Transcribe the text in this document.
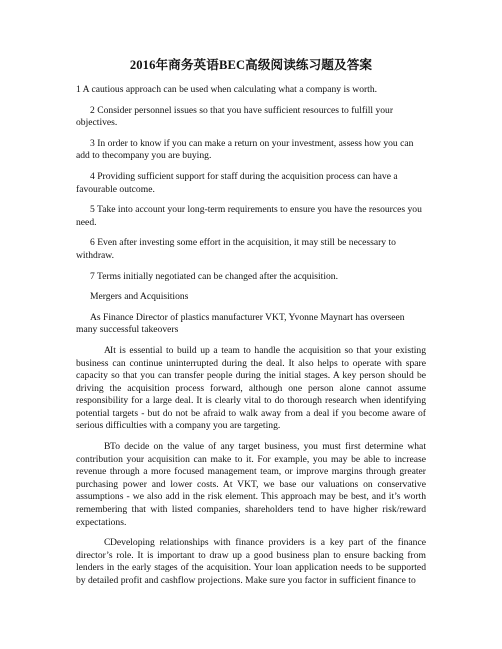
2016年商务英语BEC高级阅读练习题及答案

1 A cautious approach can be used when calculating what a company is worth.

2 Consider personnel issues so that you have sufficient resources to fulfill your objectives.

3 In order to know if you can make a return on your investment, assess how you can add to thecompany you are buying.

4 Providing sufficient support for staff during the acquisition process can have a favourable outcome.

5 Take into account your long-term requirements to ensure you have the resources you need.

6 Even after investing some effort in the acquisition, it may still be necessary to withdraw.

7 Terms initially negotiated can be changed after the acquisition.

Mergers and Acquisitions

As Finance Director of plastics manufacturer VKT, Yvonne Maynart has overseen many successful takeovers

AIt is essential to build up a team to handle the acquisition so that your existing business can continue uninterrupted during the deal. It also helps to operate with spare capacity so that you can transfer people during the initial stages. A key person should be driving the acquisition process forward, although one person alone cannot assume responsibility for a large deal. It is clearly vital to do thorough research when identifying potential targets - but do not be afraid to walk away from a deal if you become aware of serious difficulties with a company you are targeting.

BTo decide on the value of any target business, you must first determine what contribution your acquisition can make to it. For example, you may be able to increase revenue through a more focused management team, or improve margins through greater purchasing power and lower costs. At VKT, we base our valuations on conservative assumptions - we also add in the risk element. This approach may be best, and it’s worth remembering that with listed companies, shareholders tend to have higher risk/reward expectations.

CDeveloping relationships with finance providers is a key part of the finance director’s role. It is important to draw up a good business plan to ensure backing from lenders in the early stages of the acquisition. Your loan application needs to be supported by detailed profit and cashflow projections. Make sure you factor in sufficient finance to
